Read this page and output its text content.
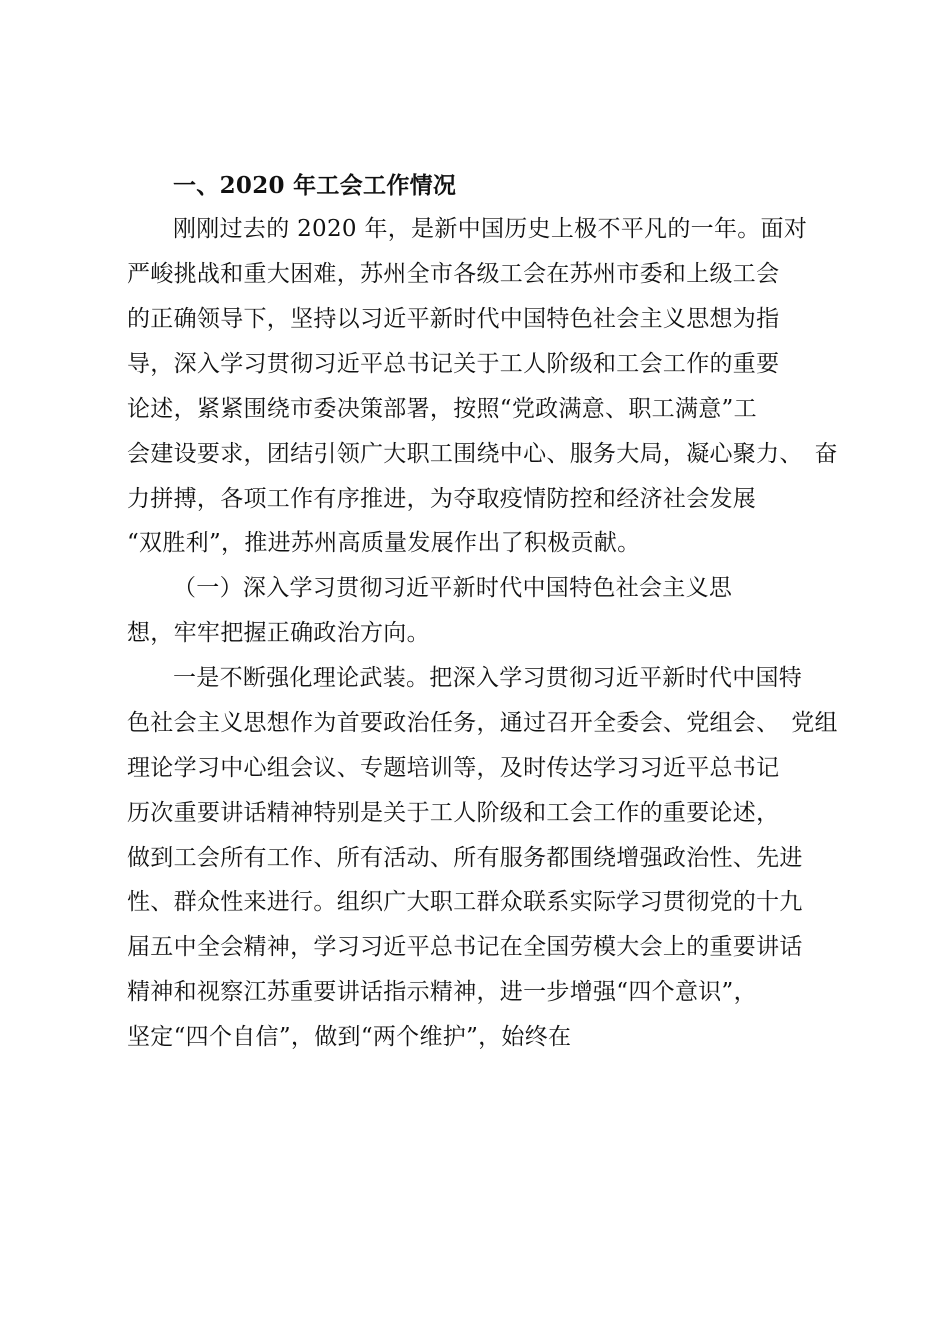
一、2020 年工会工作情况
刚刚过去的 2020 年，是新中国历史上极不平凡的一年。面对
严峻挑战和重大困难，苏州全市各级工会在苏州市委和上级工会
的正确领导下，坚持以习近平新时代中国特色社会主义思想为指
导，深入学习贯彻习近平总书记关于工人阶级和工会工作的重要
论述，紧紧围绕市委决策部署，按照“党政满意、职工满意”工
会建设要求，团结引领广大职工围绕中心、服务大局，凝心聚力、　奋
力拼搏，各项工作有序推进，为夺取疫情防控和经济社会发展
“双胜利”，推进苏州高质量发展作出了积极贡献。
（一）深入学习贯彻习近平新时代中国特色社会主义思
想，牢牢把握正确政治方向。
一是不断强化理论武装。把深入学习贯彻习近平新时代中国特
色社会主义思想作为首要政治任务，通过召开全委会、党组会、　党组
理论学习中心组会议、专题培训等，及时传达学习习近平总书记
历次重要讲话精神特别是关于工人阶级和工会工作的重要论述，
做到工会所有工作、所有活动、所有服务都围绕增强政治性、先进
性、群众性来进行。组织广大职工群众联系实际学习贯彻党的十九
届五中全会精神，学习习近平总书记在全国劳模大会上的重要讲话
精神和视察江苏重要讲话指示精神，进一步增强“四个意识”，
坚定“四个自信”，做到“两个维护”，始终在
